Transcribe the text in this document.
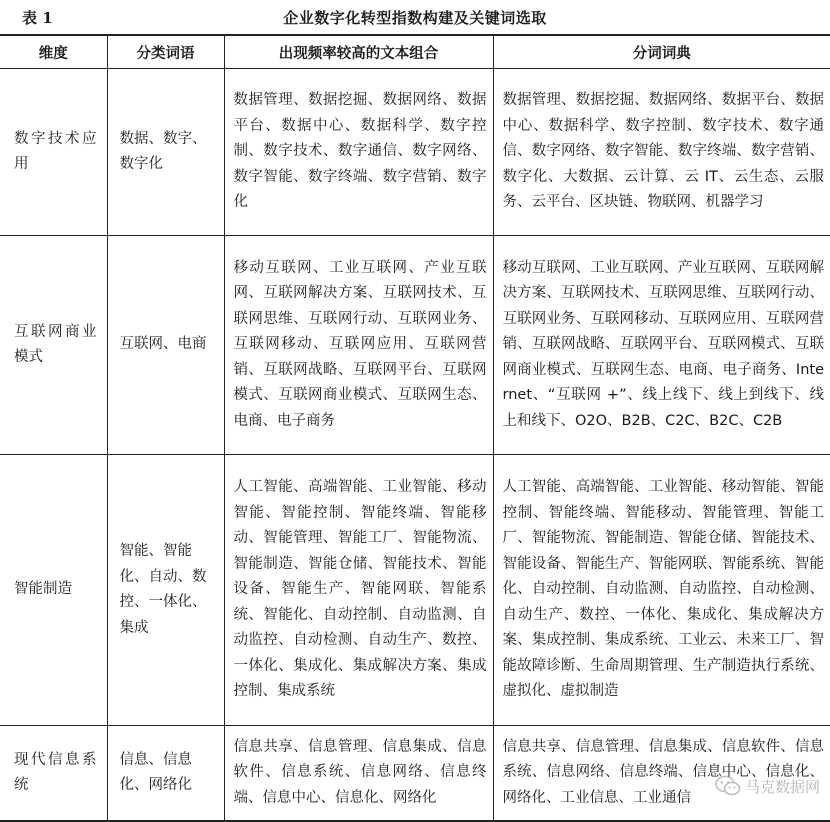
表 1	企业数字化转型指数构建及关键词选取
维度	分类词语	出现频率较高的文本组合	分词词典
数字技术应用	数据、数字、数字化	数据管理、数据挖掘、数据网络、数据平台、数据中心、数据科学、数字控制、数字技术、数字通信、数字网络、数字智能、数字终端、数字营销、数字化	数据管理、数据挖掘、数据网络、数据平台、数据中心、数据科学、数字控制、数字技术、数字通信、数字网络、数字智能、数字终端、数字营销、数字化、大数据、云计算、云 IT、云生态、云服务、云平台、区块链、物联网、机器学习
互联网商业模式	互联网、电商	移动互联网、工业互联网、产业互联网、互联网解决方案、互联网技术、互联网思维、互联网行动、互联网业务、互联网移动、互联网应用、互联网营销、互联网战略、互联网平台、互联网模式、互联网商业模式、互联网生态、电商、电子商务	移动互联网、工业互联网、产业互联网、互联网解决方案、互联网技术、互联网思维、互联网行动、互联网业务、互联网移动、互联网应用、互联网营销、互联网战略、互联网平台、互联网模式、互联网商业模式、互联网生态、电商、电子商务、Internet、“互联网 +”、线上线下、线上到线下、线上和线下、O2O、B2B、C2C、B2C、C2B
智能制造	智能、智能化、自动、数控、一体化、集成	人工智能、高端智能、工业智能、移动智能、智能控制、智能终端、智能移动、智能管理、智能工厂、智能物流、智能制造、智能仓储、智能技术、智能设备、智能生产、智能网联、智能系统、智能化、自动控制、自动监测、自动监控、自动检测、自动生产、数控、一体化、集成化、集成解决方案、集成控制、集成系统	人工智能、高端智能、工业智能、移动智能、智能控制、智能终端、智能移动、智能管理、智能工厂、智能物流、智能制造、智能仓储、智能技术、智能设备、智能生产、智能网联、智能系统、智能化、自动控制、自动监测、自动监控、自动检测、自动生产、数控、一体化、集成化、集成解决方案、集成控制、集成系统、工业云、未来工厂、智能故障诊断、生命周期管理、生产制造执行系统、虚拟化、虚拟制造
现代信息系统	信息、信息化、网络化	信息共享、信息管理、信息集成、信息软件、信息系统、信息网络、信息终端、信息中心、信息化、网络化	信息共享、信息管理、信息集成、信息软件、信息系统、信息网络、信息终端、信息中心、信息化、网络化、工业信息、工业通信
马克数据网
